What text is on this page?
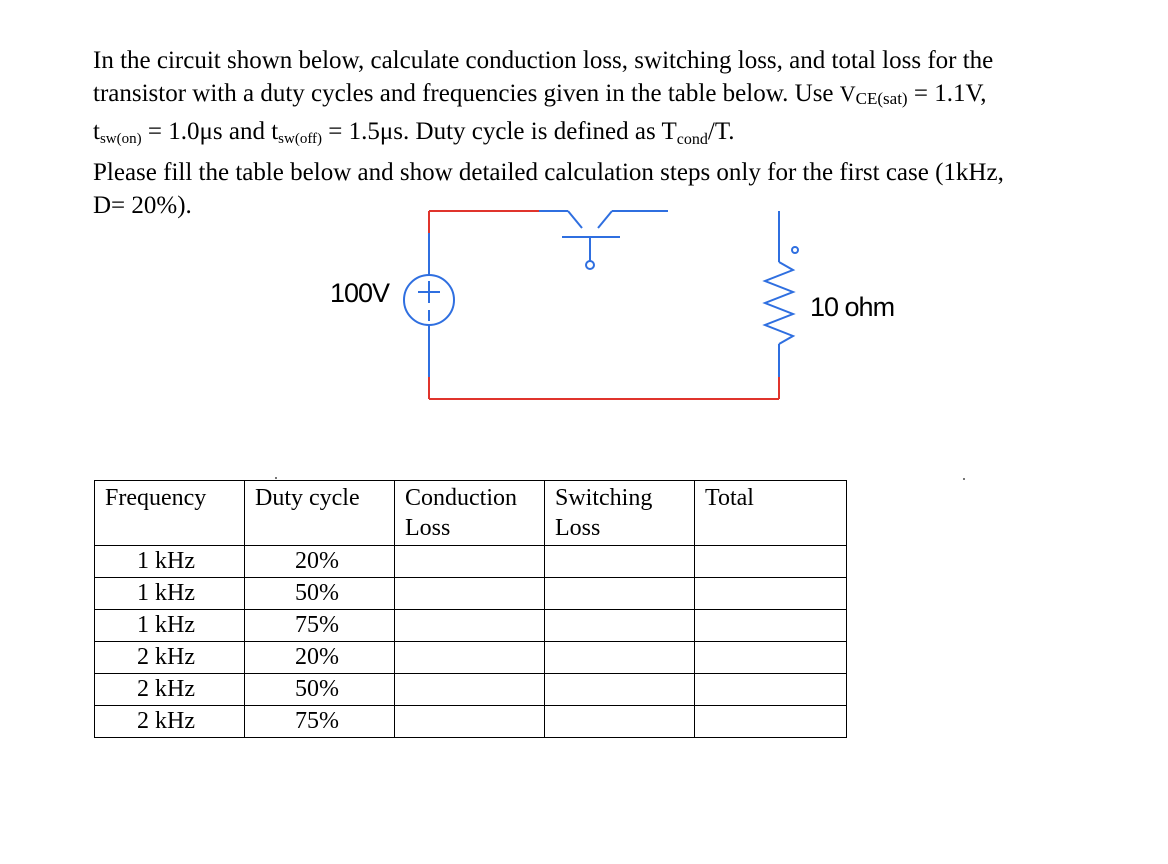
In the circuit shown below, calculate conduction loss, switching loss, and total loss for the

transistor with a duty cycles and frequencies given in the table below. Use VCE(sat) = 1.1V,

$t_{sw(on)} = 1.0\mu s$ and $t_{sw(off)} = 1.5\mu s$. Duty cycle is defined as $T_{cond}/T$.

Please fill the table below and show detailed calculation steps only for the first case (1kHz,

D= 20%).

100V	10 ohm
Frequency	Duty cycle	Conduction Loss	Switching Loss	Total
1 kHz	20%			
1 kHz	50%			
1 kHz	75%			
2 kHz	20%			
2 kHz	50%			
2 kHz	75%			
